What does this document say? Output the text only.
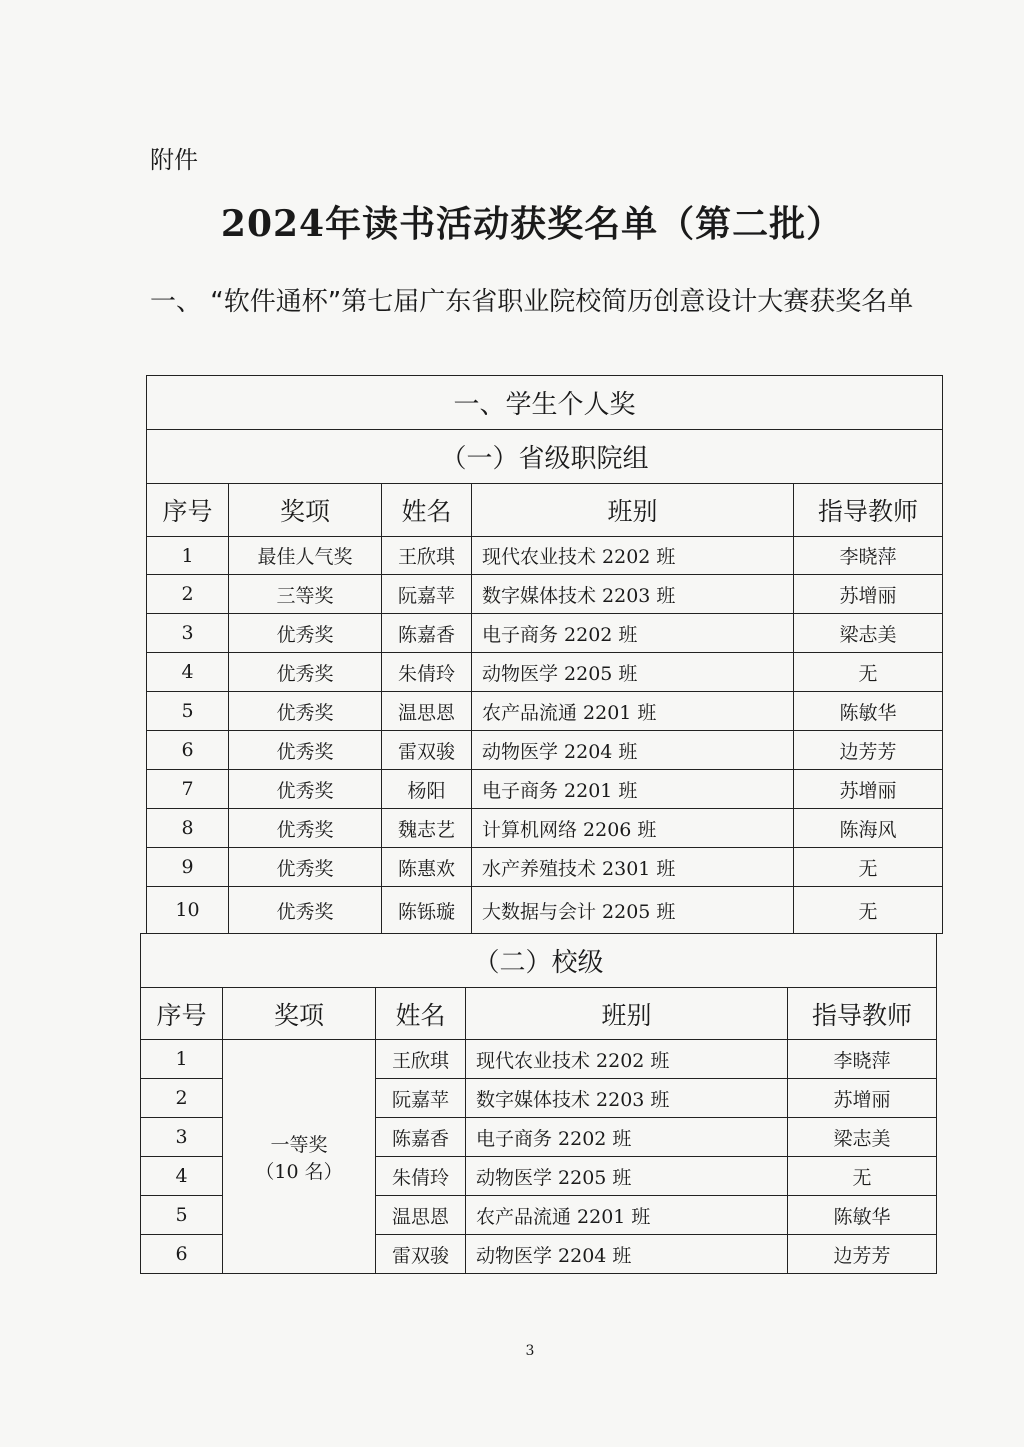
附件
2024年读书活动获奖名单（第二批）
一、 “软件通杯”第七届广东省职业院校简历创意设计大赛获奖名单
一、学生个人奖				
（一）省级职院组				
序号	奖项	姓名	班别	指导教师
1	最佳人气奖	王欣琪	现代农业技术 2202 班	李晓萍
2	三等奖	阮嘉苹	数字媒体技术 2203 班	苏增丽
3	优秀奖	陈嘉香	电子商务 2202 班	梁志美
4	优秀奖	朱倩玲	动物医学 2205 班	无
5	优秀奖	温思恩	农产品流通 2201 班	陈敏华
6	优秀奖	雷双骏	动物医学 2204 班	边芳芳
7	优秀奖	杨阳	电子商务 2201 班	苏增丽
8	优秀奖	魏志艺	计算机网络 2206 班	陈海风
9	优秀奖	陈惠欢	水产养殖技术 2301 班	无
10	优秀奖	陈铄璇	大数据与会计 2205 班	无
（二）校级				
序号	奖项	姓名	班别	指导教师
1	一等奖
（10 名）	王欣琪	现代农业技术 2202 班	李晓萍
2		阮嘉苹	数字媒体技术 2203 班	苏增丽
3		陈嘉香	电子商务 2202 班	梁志美
4		朱倩玲	动物医学 2205 班	无
5		温思恩	农产品流通 2201 班	陈敏华
6		雷双骏	动物医学 2204 班	边芳芳
3
